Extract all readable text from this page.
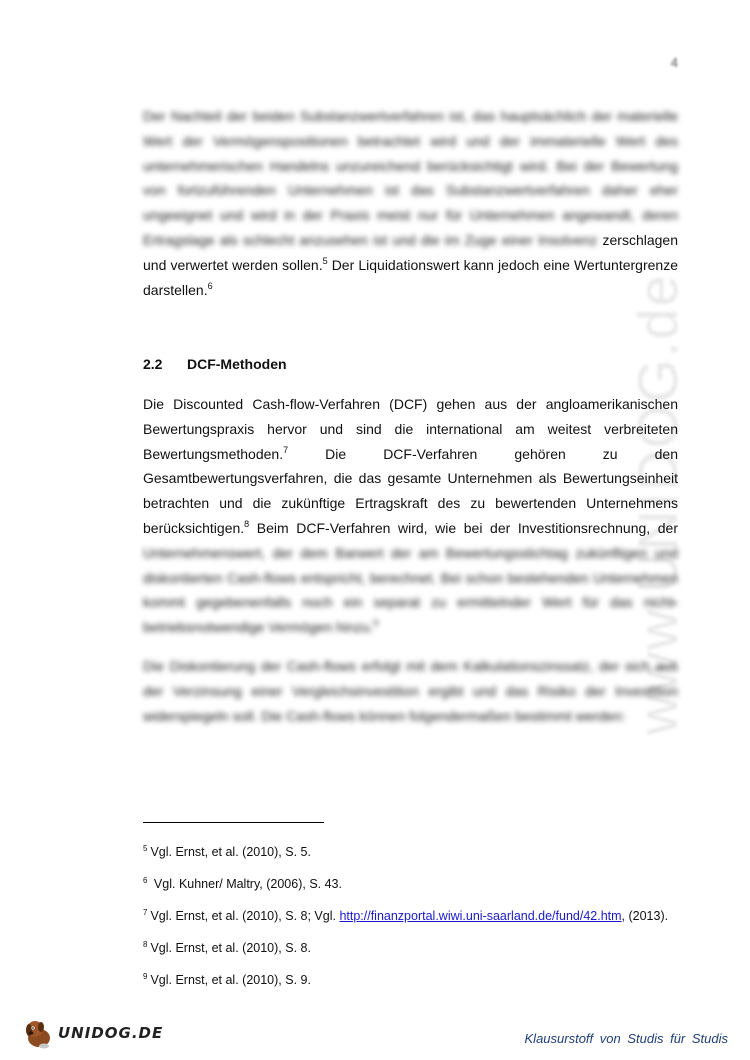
4
www.UNIDOG.de

Der Nachteil der beiden Substanzwertverfahren ist, das hauptsächlich der materielle Wert der Vermögenspositionen betrachtet wird und der immaterielle Wert des unternehmerischen Handelns unzureichend berücksichtigt wird. Bei der Bewertung von fortzuführenden Unternehmen ist das Substanzwertverfahren daher eher ungeeignet und wird in der Praxis meist nur für Unternehmen angewandt, deren Ertragslage als schlecht anzusehen ist und die im Zuge einer Insolvenz zerschlagen und verwertet werden sollen.$^5$ Der Liquidationswert kann jedoch eine Wertuntergrenze darstellen.$^6$

2.2 DCF-Methoden

Die Discounted Cash-flow-Verfahren (DCF) gehen aus der angloamerikanischen Bewertungspraxis hervor und sind die international am weitest verbreiteten Bewertungsmethoden.$^7$ Die DCF-Verfahren gehören zu den Gesamtbewertungsverfahren, die das gesamte Unternehmen als Bewertungseinheit betrachten und die zukünftige Ertragskraft des zu bewertenden Unternehmens berücksichtigen.$^8$ Beim DCF-Verfahren wird, wie bei der Investitionsrechnung, der Unternehmenswert, der dem Barwert der am Bewertungsstichtag zukünftigen und diskontierten Cash-flows entspricht, berechnet. Bei schon bestehenden Unternehmen kommt gegebenenfalls noch ein separat zu ermittelnder Wert für das nicht-betriebsnotwendige Vermögen hinzu.$^9$

Die Diskontierung der Cash-flows erfolgt mit dem Kalkulationszinssatz, der sich aus der Verzinsung einer Vergleichsinvestition ergibt und das Risiko der Investition widerspiegeln soll. Die Cash-flows können folgendermaßen bestimmt werden:

$^5$ Vgl. Ernst, et al. (2010), S. 5.

$^6$ Vgl. Kuhner/ Maltry, (2006), S. 43.

$^7$ Vgl. Ernst, et al. (2010), S. 8; Vgl. http://finanzportal.wiwi.uni-saarland.de/fund/42.htm, (2013).

$^8$ Vgl. Ernst, et al. (2010), S. 8.

$^9$ Vgl. Ernst, et al. (2010), S. 9.

UNIDOG.DE	Klausurstoff von Studis für Studis
